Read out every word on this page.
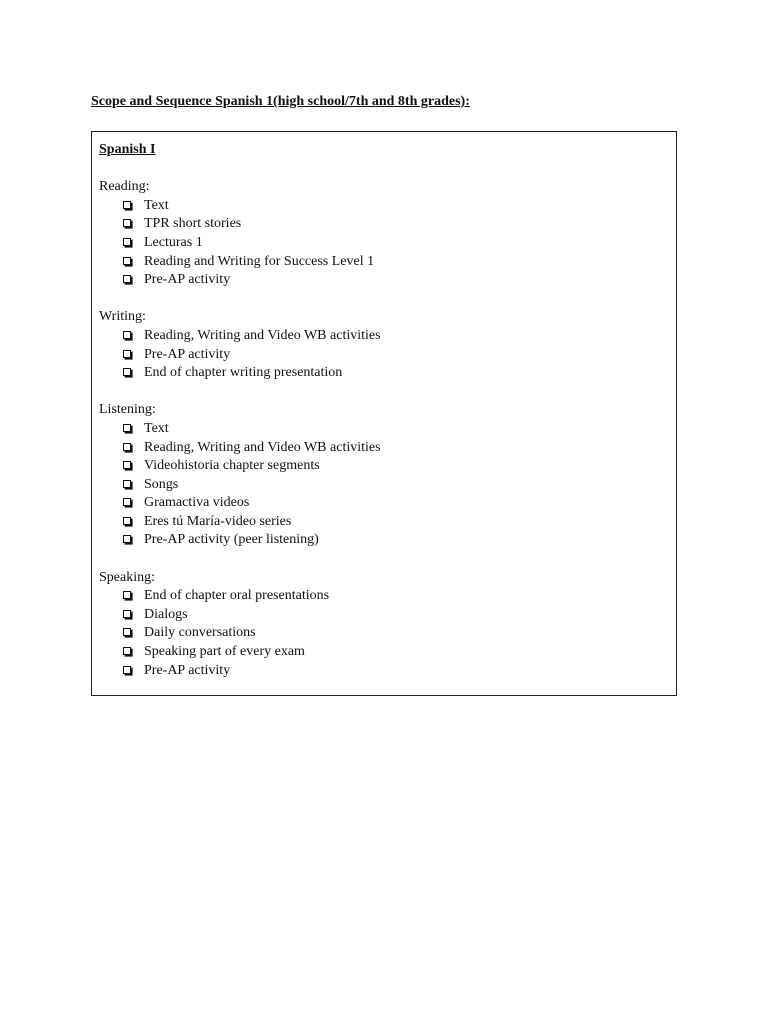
Scope and Sequence Spanish 1(high school/7th and 8th grades):
Spanish I
Reading:
Text
TPR short stories
Lecturas 1
Reading and Writing for Success Level 1
Pre-AP activity
Writing:
Reading, Writing and Video WB activities
Pre-AP activity
End of chapter writing presentation
Listening:
Text
Reading, Writing and Video WB activities
Videohistoria chapter segments
Songs
Gramactiva videos
Eres tú María-video series
Pre-AP activity (peer listening)
Speaking:
End of chapter oral presentations
Dialogs
Daily conversations
Speaking part of every exam
Pre-AP activity
